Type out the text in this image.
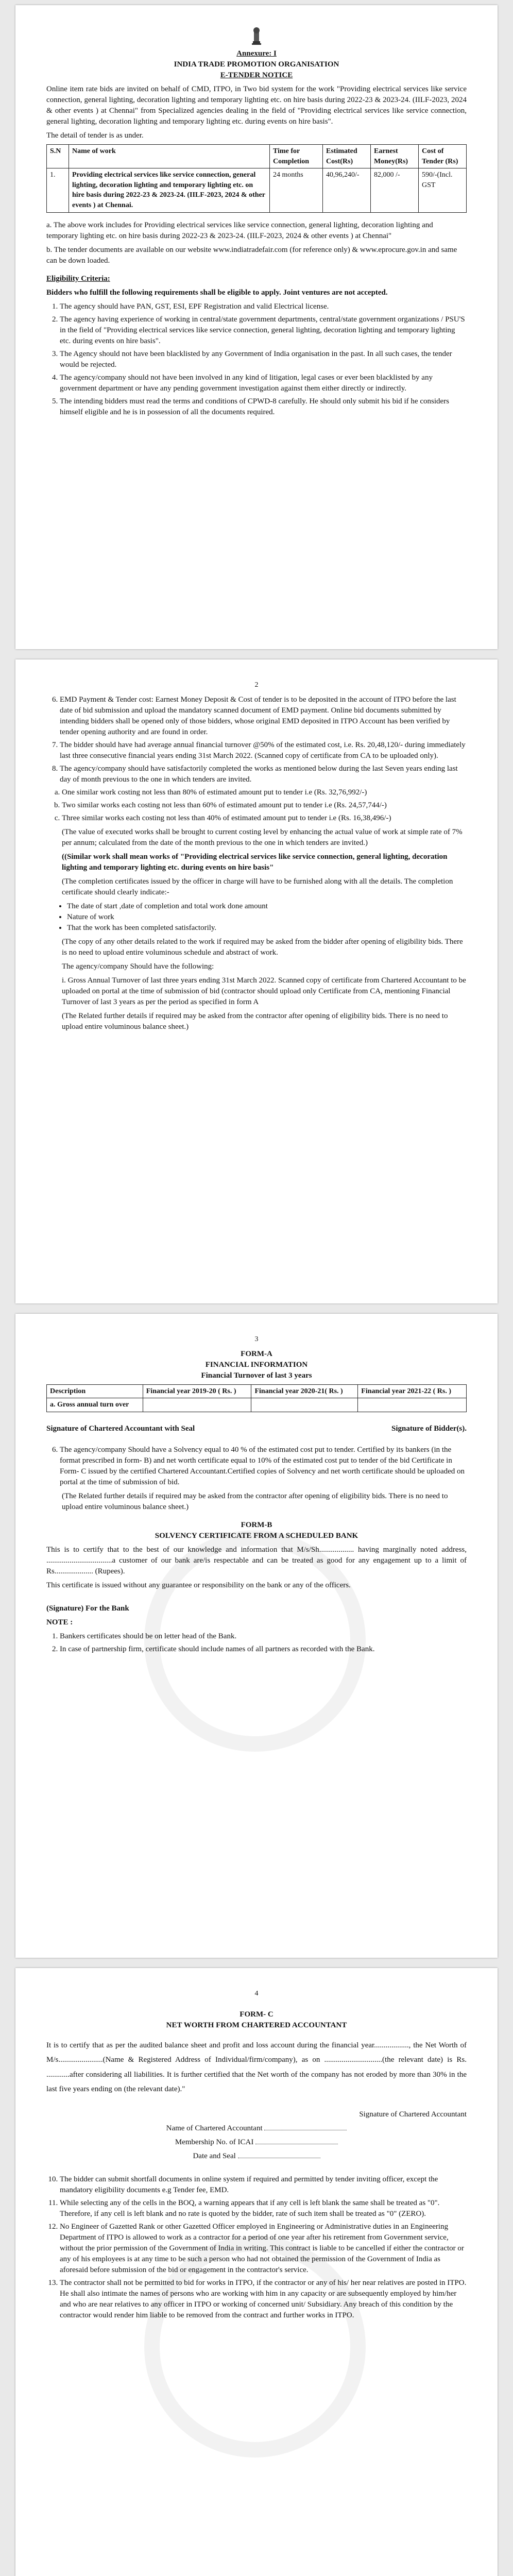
Annexure: I
INDIA TRADE PROMOTION ORGANISATION
E-TENDER NOTICE

Online item rate bids are invited on behalf of CMD, ITPO, in Two bid system for the work "Providing electrical services like service connection, general lighting, decoration lighting and temporary lighting etc. on hire basis during 2022-23 & 2023-24. (IILF-2023, 2024 & other events ) at Chennai" from Specialized agencies dealing in the field of "Providing electrical services like service connection, general lighting, decoration lighting and temporary lighting etc. during events on hire basis".

The detail of tender is as under.

S.N	Name of work	Time for Completion	Estimated Cost(Rs)	Earnest Money(Rs)	Cost of Tender (Rs)
1.	Providing electrical services like service connection, general lighting, decoration lighting and temporary lighting etc. on hire basis during 2022-23 & 2023-24. (IILF-2023, 2024 & other events ) at Chennai.	24 months	40,96,240/-	82,000 /-	590/-(Incl. GST

a. The above work includes for Providing electrical services like service connection, general lighting, decoration lighting and temporary lighting etc. on hire basis during 2022-23 & 2023-24. (IILF-2023, 2024 & other events ) at Chennai"

b. The tender documents are available on our website www.indiatradefair.com (for reference only) & www.eprocure.gov.in and same can be down loaded.

Eligibility Criteria:

Bidders who fulfill the following requirements shall be eligible to apply. Joint ventures are not accepted.

1. The agency should have PAN, GST, ESI, EPF Registration and valid Electrical license.
2. The agency having experience of working in central/state government departments, central/state government organizations / PSU'S in the field of "Providing electrical services like service connection, general lighting, decoration lighting and temporary lighting etc. during events on hire basis".
3. The Agency should not have been blacklisted by any Government of India organisation in the past. In all such cases, the tender would be rejected.
4. The agency/company should not have been involved in any kind of litigation, legal cases or ever been blacklisted by any government department or have any pending government investigation against them either directly or indirectly.
5. The intending bidders must read the terms and conditions of CPWD-8 carefully. He should only submit his bid if he considers himself eligible and he is in possession of all the documents required.
2
6. EMD Payment & Tender cost: Earnest Money Deposit & Cost of tender is to be deposited in the account of ITPO before the last date of bid submission and upload the mandatory scanned document of EMD payment. Online bid documents submitted by intending bidders shall be opened only of those bidders, whose original EMD deposited in ITPO Account has been verified by tender opening authority and are found in order.
7. The bidder should have had average annual financial turnover @50% of the estimated cost, i.e. Rs. 20,48,120/- during immediately last three consecutive financial years ending 31st March 2022. (Scanned copy of certificate from CA to be uploaded only).
8. The agency/company should have satisfactorily completed the works as mentioned below during the last Seven years ending last day of month previous to the one in which tenders are invited.
a. One similar work costing not less than 80% of estimated amount put to tender i.e (Rs. 32,76,992/-)
b. Two similar works each costing not less than 60% of estimated amount put to tender i.e (Rs. 24,57,744/-)
c. Three similar works each costing not less than 40% of estimated amount put to tender i.e (Rs. 16,38,496/-)

(The value of executed works shall be brought to current costing level by enhancing the actual value of work at simple rate of 7% per annum; calculated from the date of the month previous to the one in which tenders are invited.)

((Similar work shall mean works of "Providing electrical services like service connection, general lighting, decoration lighting and temporary lighting etc. during events on hire basis"

(The completion certificates issued by the officer in charge will have to be furnished along with all the details. The completion certificate should clearly indicate:-

• The date of start ,date of completion and total work done amount
• Nature of work
• That the work has been completed satisfactorily.

(The copy of any other details related to the work if required may be asked from the bidder after opening of eligibility bids. There is no need to upload entire voluminous schedule and abstract of work.

The agency/company Should have the following:

i. Gross Annual Turnover of last three years ending 31st March 2022. Scanned copy of certificate from Chartered Accountant to be uploaded on portal at the time of submission of bid (contractor should upload only Certificate from CA, mentioning Financial Turnover of last 3 years as per the period as specified in form A

(The Related further details if required may be asked from the contractor after opening of eligibility bids. There is no need to upload entire voluminous balance sheet.)

3
FORM-A
FINANCIAL INFORMATION
Financial Turnover of last 3 years
Description	Financial year 2019-20 ( Rs. )	Financial year 2020-21( Rs. )	Financial year 2021-22 ( Rs. )
a. Gross annual turn over			
Signature of Chartered Accountant with Seal	Signature of Bidder(s).
6. The agency/company Should have a Solvency equal to 40 % of the estimated cost put to tender. Certified by its bankers (in the format prescribed in form- B) and net worth certificate equal to 10% of the estimated cost put to tender of the bid Certificate in Form- C issued by the certified Chartered Accountant.Certified copies of Solvency and net worth certificate should be uploaded on portal at the time of submission of bid.

(The Related further details if required may be asked from the contractor after opening of eligibility bids. There is no need to upload entire voluminous balance sheet.)

FORM-B
SOLVENCY CERTIFICATE FROM A SCHEDULED BANK

This is to certify that to the best of our knowledge and information that M/s/Sh.................. having marginally noted address, ..................................a customer of our bank are/is respectable and can be treated as good for any engagement up to a limit of Rs.................... (Rupees).

This certificate is issued without any guarantee or responsibility on the bank or any of the officers.

(Signature) For the Bank

NOTE :

1. Bankers certificates should be on letter head of the Bank.
2. In case of partnership firm, certificate should include names of all partners as recorded with the Bank.
4
FORM- C
NET WORTH FROM CHARTERED ACCOUNTANT

It is to certify that as per the audited balance sheet and profit and loss account during the financial year.................., the Net Worth of M/s.......................(Name & Registered Address of Individual/firm/company), as on ..............................(the relevant date) is Rs. ............after considering all liabilities. It is further certified that the Net worth of the company has not eroded by more than 30% in the last five years ending on (the relevant date)."

Signature of Chartered Accountant

Name of Chartered Accountant

Membership No. of ICAI

Date and Seal

10. The bidder can submit shortfall documents in online system if required and permitted by tender inviting officer, except the mandatory eligibility documents e.g Tender fee, EMD.
11. While selecting any of the cells in the BOQ, a warning appears that if any cell is left blank the same shall be treated as "0". Therefore, if any cell is left blank and no rate is quoted by the bidder, rate of such item shall be treated as "0" (ZERO).
12. No Engineer of Gazetted Rank or other Gazetted Officer employed in Engineering or Administrative duties in an Engineering Department of ITPO is allowed to work as a contractor for a period of one year after his retirement from Government service, without the prior permission of the Government of India in writing. This contract is liable to be cancelled if either the contractor or any of his employees is at any time to be such a person who had not obtained the permission of the Government of India as aforesaid before submission of the bid or engagement in the contractor's service.
13. The contractor shall not be permitted to bid for works in ITPO, if the contractor or any of his/ her near relatives are posted in ITPO. He shall also intimate the names of persons who are working with him in any capacity or are subsequently employed by him/her and who are near relatives to any officer in ITPO or working of concerned unit/ Subsidiary. Any breach of this condition by the contractor would render him liable to be removed from the contract and further works in ITPO.
